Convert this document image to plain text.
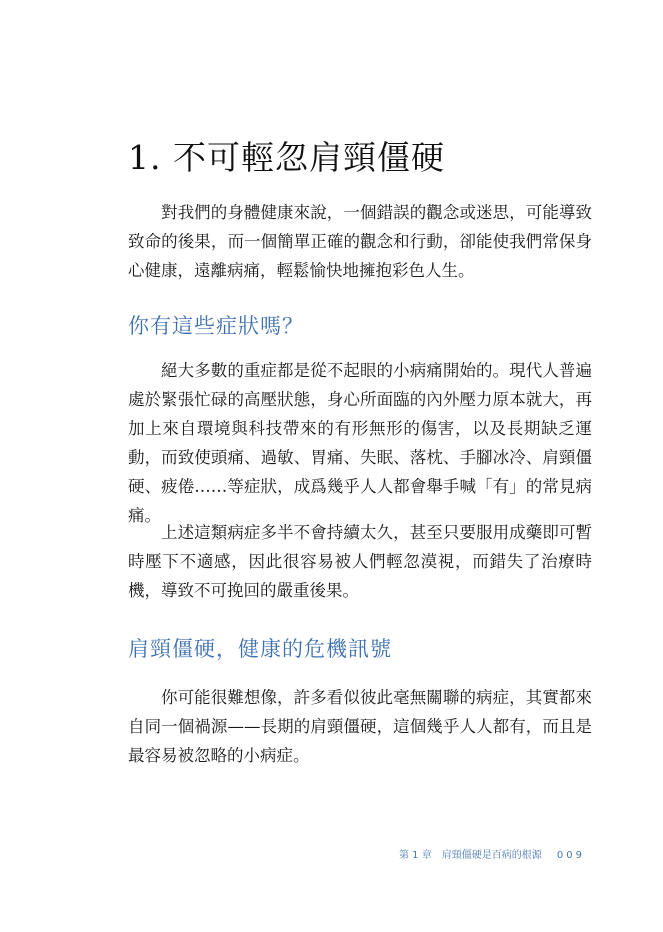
1. 不可輕忽肩頸僵硬

對我們的身體健康來說，一個錯誤的觀念或迷思，可能導致致命的後果，而一個簡單正確的觀念和行動，卻能使我們常保身心健康，遠離病痛，輕鬆愉快地擁抱彩色人生。

你有這些症狀嗎？

絕大多數的重症都是從不起眼的小病痛開始的。現代人普遍處於緊張忙碌的高壓狀態，身心所面臨的內外壓力原本就大，再加上來自環境與科技帶來的有形無形的傷害，以及長期缺乏運動，而致使頭痛、過敏、胃痛、失眠、落枕、手腳冰冷、肩頸僵硬、疲倦……等症狀，成爲幾乎人人都會舉手喊「有」的常見病痛。

上述這類病症多半不會持續太久，甚至只要服用成藥即可暫時壓下不適感，因此很容易被人們輕忽漠視，而錯失了治療時機，導致不可挽回的嚴重後果。

肩頸僵硬，健康的危機訊號

你可能很難想像，許多看似彼此毫無關聯的病症，其實都來自同一個禍源——長期的肩頸僵硬，這個幾乎人人都有，而且是最容易被忽略的小病症。

第 1 章　肩頸僵硬是百病的根源 009
